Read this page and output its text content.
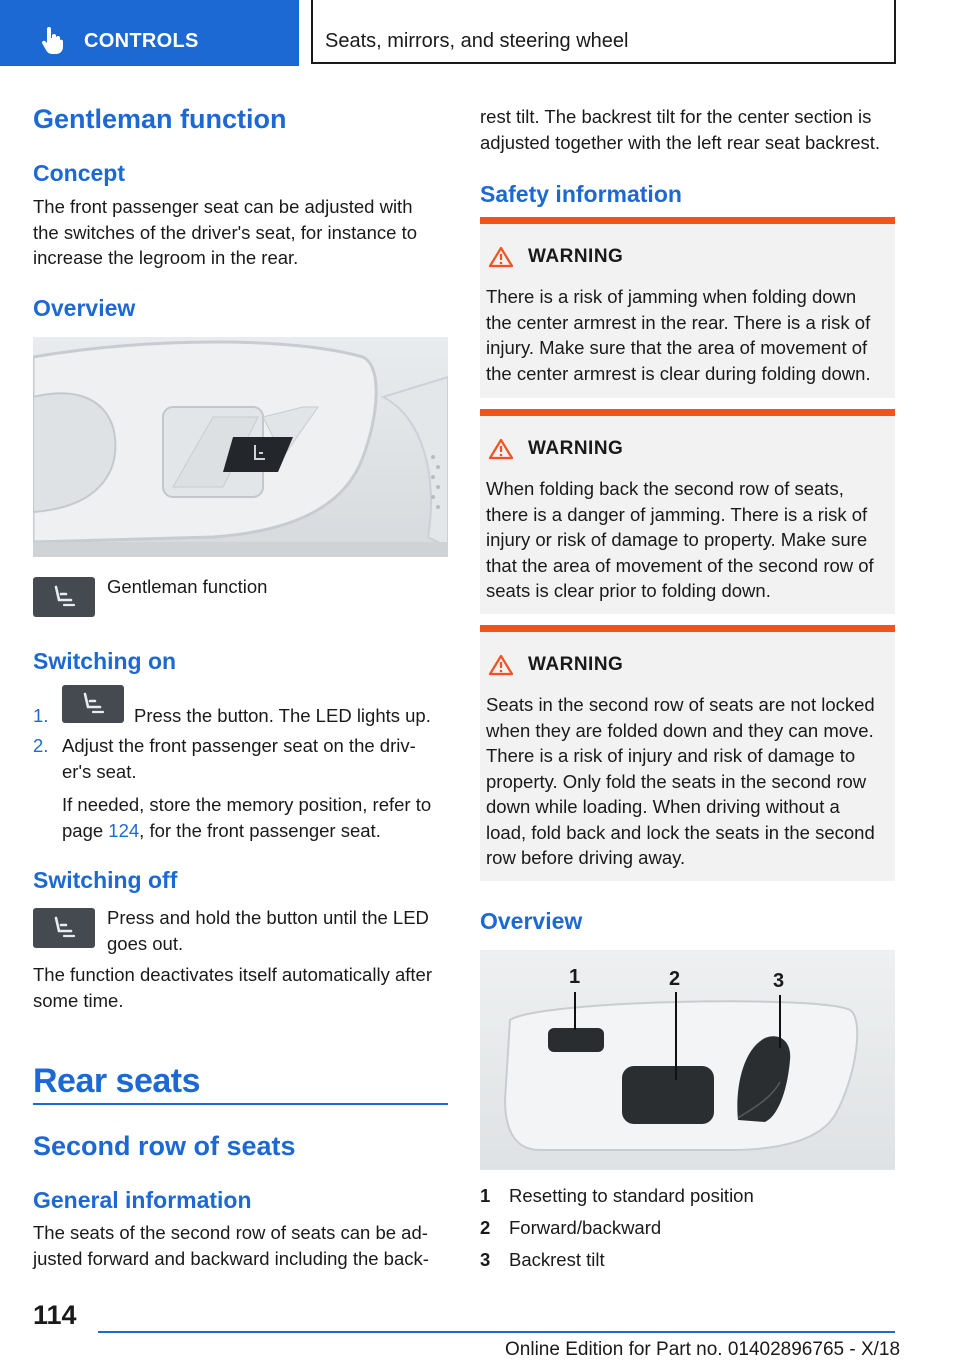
CONTROLS	Seats, mirrors, and steering wheel
Gentleman function
Concept
The front passenger seat can be adjusted with
the switches of the driver's seat, for instance to
increase the legroom in the rear.
Overview
Gentleman function
Switching on
1.	Press the button. The LED lights up.
2. Adjust the front passenger seat on the driv-
er's seat.
If needed, store the memory position, refer to
page 124, for the front passenger seat.
Switching off
Press and hold the button until the LED
goes out.
The function deactivates itself automatically after
some time.
Rear seats
Second row of seats
General information
The seats of the second row of seats can be ad-
justed forward and backward including the back-
rest tilt. The backrest tilt for the center section is
adjusted together with the left rear seat backrest.
Safety information
WARNING
There is a risk of jamming when folding down
the center armrest in the rear. There is a risk of
injury. Make sure that the area of movement of
the center armrest is clear during folding down.
WARNING
When folding back the second row of seats,
there is a danger of jamming. There is a risk of
injury or risk of damage to property. Make sure
that the area of movement of the second row of
seats is clear prior to folding down.
WARNING
Seats in the second row of seats are not locked
when they are folded down and they can move.
There is a risk of injury and risk of damage to
property. Only fold the seats in the second row
down while loading. When driving without a
load, fold back and lock the seats in the second
row before driving away.
Overview
1	2	3
1	Resetting to standard position
2	Forward/backward
3	Backrest tilt
114
Online Edition for Part no. 01402896765 - X/18
